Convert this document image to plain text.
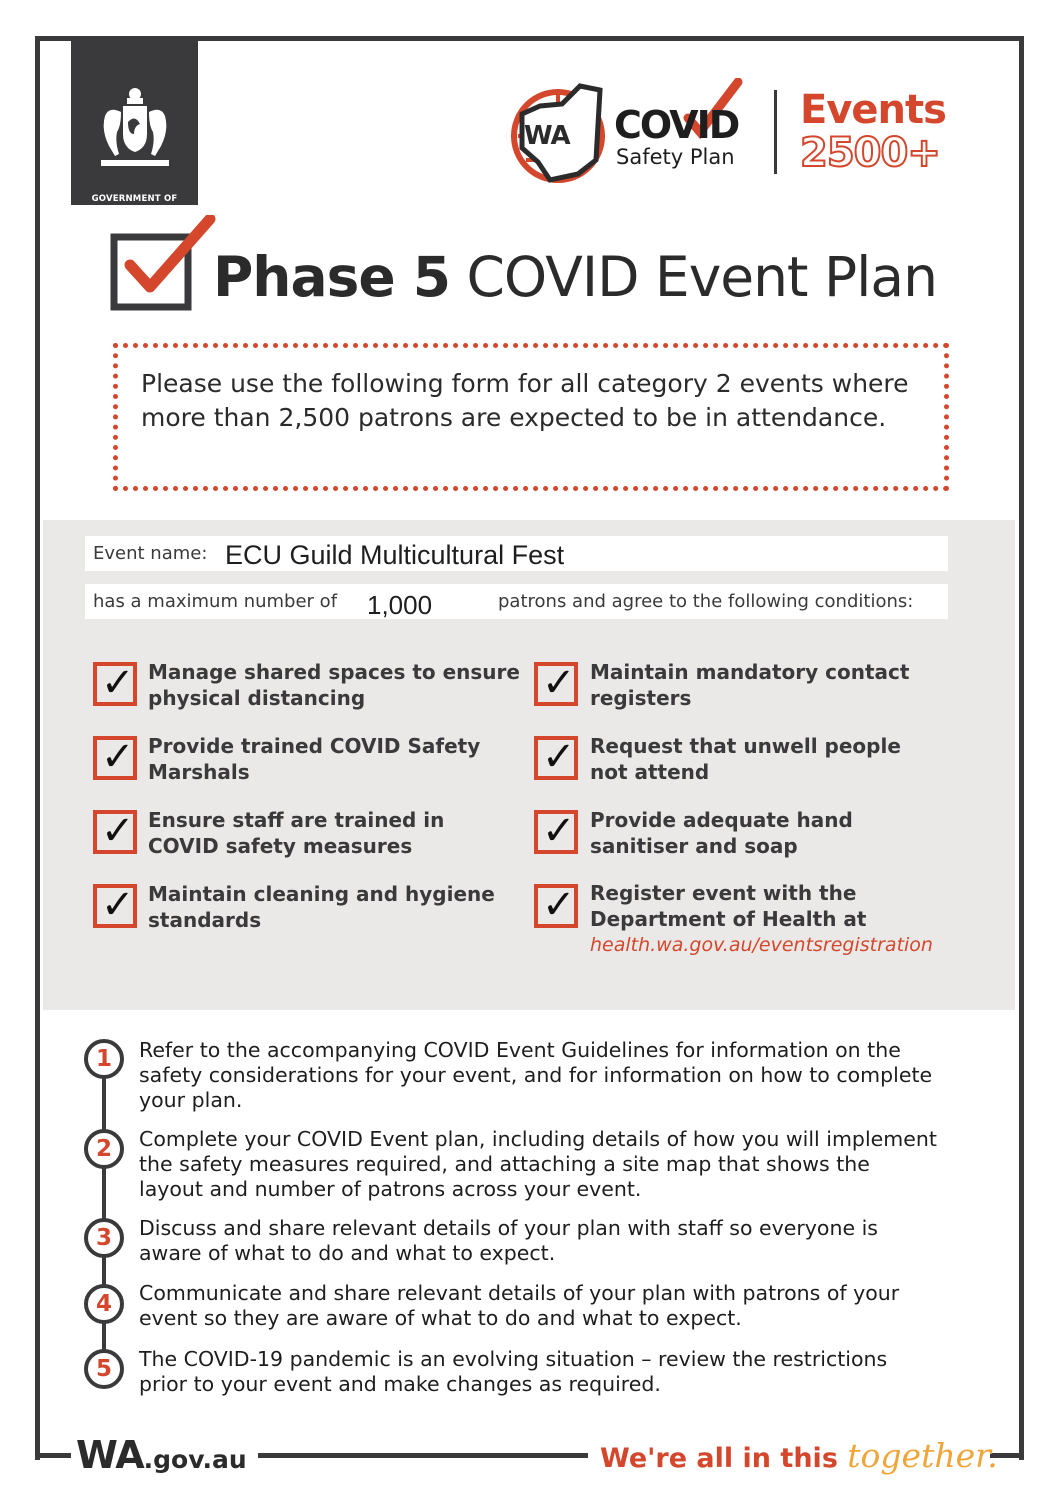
GOVERNMENT OF
WESTERN AUSTRALIA
WA COVID
Safety Plan
Events
2500+
Phase 5 COVID Event Plan
Please use the following form for all category 2 events where more than 2,500 patrons are expected to be in attendance.
Event name: ECU Guild Multicultural Fest
has a maximum number of 1,000	patrons and agree to the following conditions:
✓ Manage shared spaces to ensure physical distancing	✓ Maintain mandatory contact registers
✓ Provide trained COVID Safety Marshals	✓ Request that unwell people not attend
✓ Ensure staff are trained in COVID safety measures	✓ Provide adequate hand sanitiser and soap
✓ Maintain cleaning and hygiene standards	✓ Register event with the Department of Health at
health.wa.gov.au/eventsregistration
1	Refer to the accompanying COVID Event Guidelines for information on the safety considerations for your event, and for information on how to complete your plan.
2	Complete your COVID Event plan, including details of how you will implement the safety measures required, and attaching a site map that shows the layout and number of patrons across your event.
3	Discuss and share relevant details of your plan with staff so everyone is aware of what to do and what to expect.
4	Communicate and share relevant details of your plan with patrons of your event so they are aware of what to do and what to expect.
5	The COVID-19 pandemic is an evolving situation – review the restrictions prior to your event and make changes as required.
WA.gov.au	We're all in this together.
